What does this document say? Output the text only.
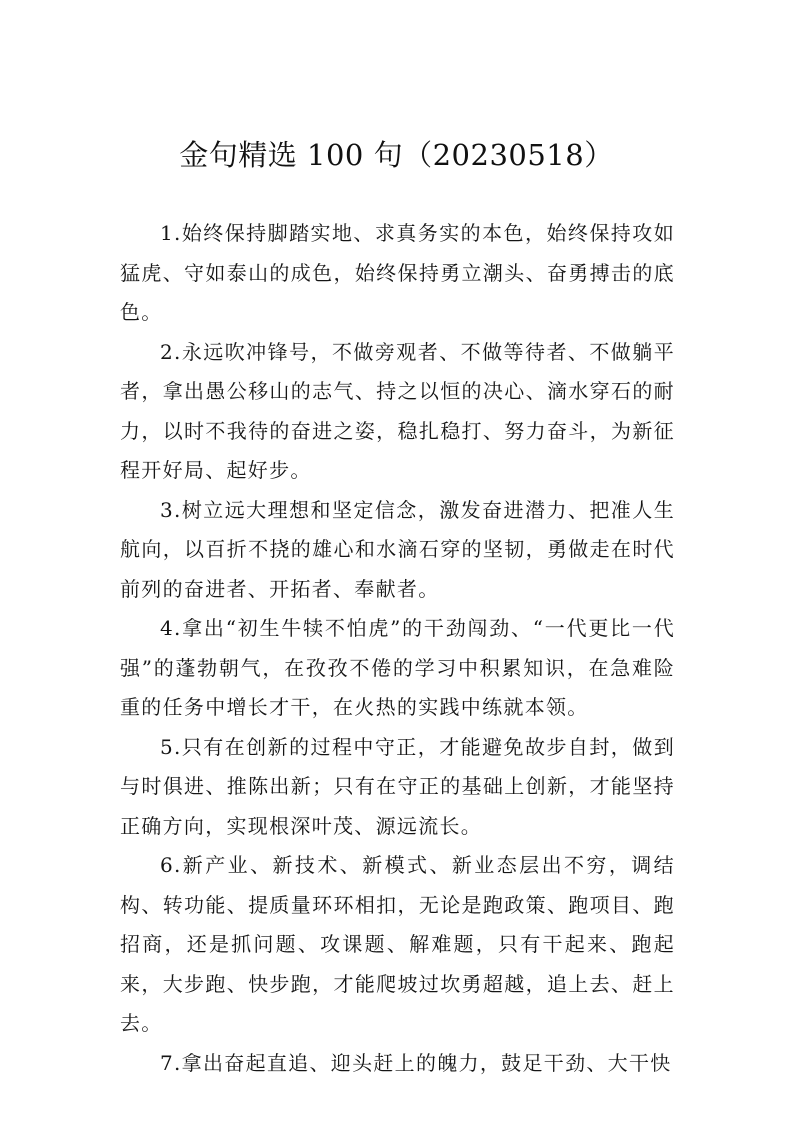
金句精选 100 句（20230518）

1.始终保持脚踏实地、求真务实的本色，始终保持攻如猛虎、守如泰山的成色，始终保持勇立潮头、奋勇搏击的底色。

2.永远吹冲锋号，不做旁观者、不做等待者、不做躺平者，拿出愚公移山的志气、持之以恒的决心、滴水穿石的耐力，以时不我待的奋进之姿，稳扎稳打、努力奋斗，为新征程开好局、起好步。

3.树立远大理想和坚定信念，激发奋进潜力、把准人生航向，以百折不挠的雄心和水滴石穿的坚韧，勇做走在时代前列的奋进者、开拓者、奉献者。

4.拿出“初生牛犊不怕虎”的干劲闯劲、“一代更比一代强”的蓬勃朝气，在孜孜不倦的学习中积累知识，在急难险重的任务中增长才干，在火热的实践中练就本领。

5.只有在创新的过程中守正，才能避免故步自封，做到与时俱进、推陈出新；只有在守正的基础上创新，才能坚持正确方向，实现根深叶茂、源远流长。

6.新产业、新技术、新模式、新业态层出不穷，调结构、转功能、提质量环环相扣，无论是跑政策、跑项目、跑招商，还是抓问题、攻课题、解难题，只有干起来、跑起来，大步跑、快步跑，才能爬坡过坎勇超越，追上去、赶上去。

7.拿出奋起直追、迎头赶上的魄力，鼓足干劲、大干快
